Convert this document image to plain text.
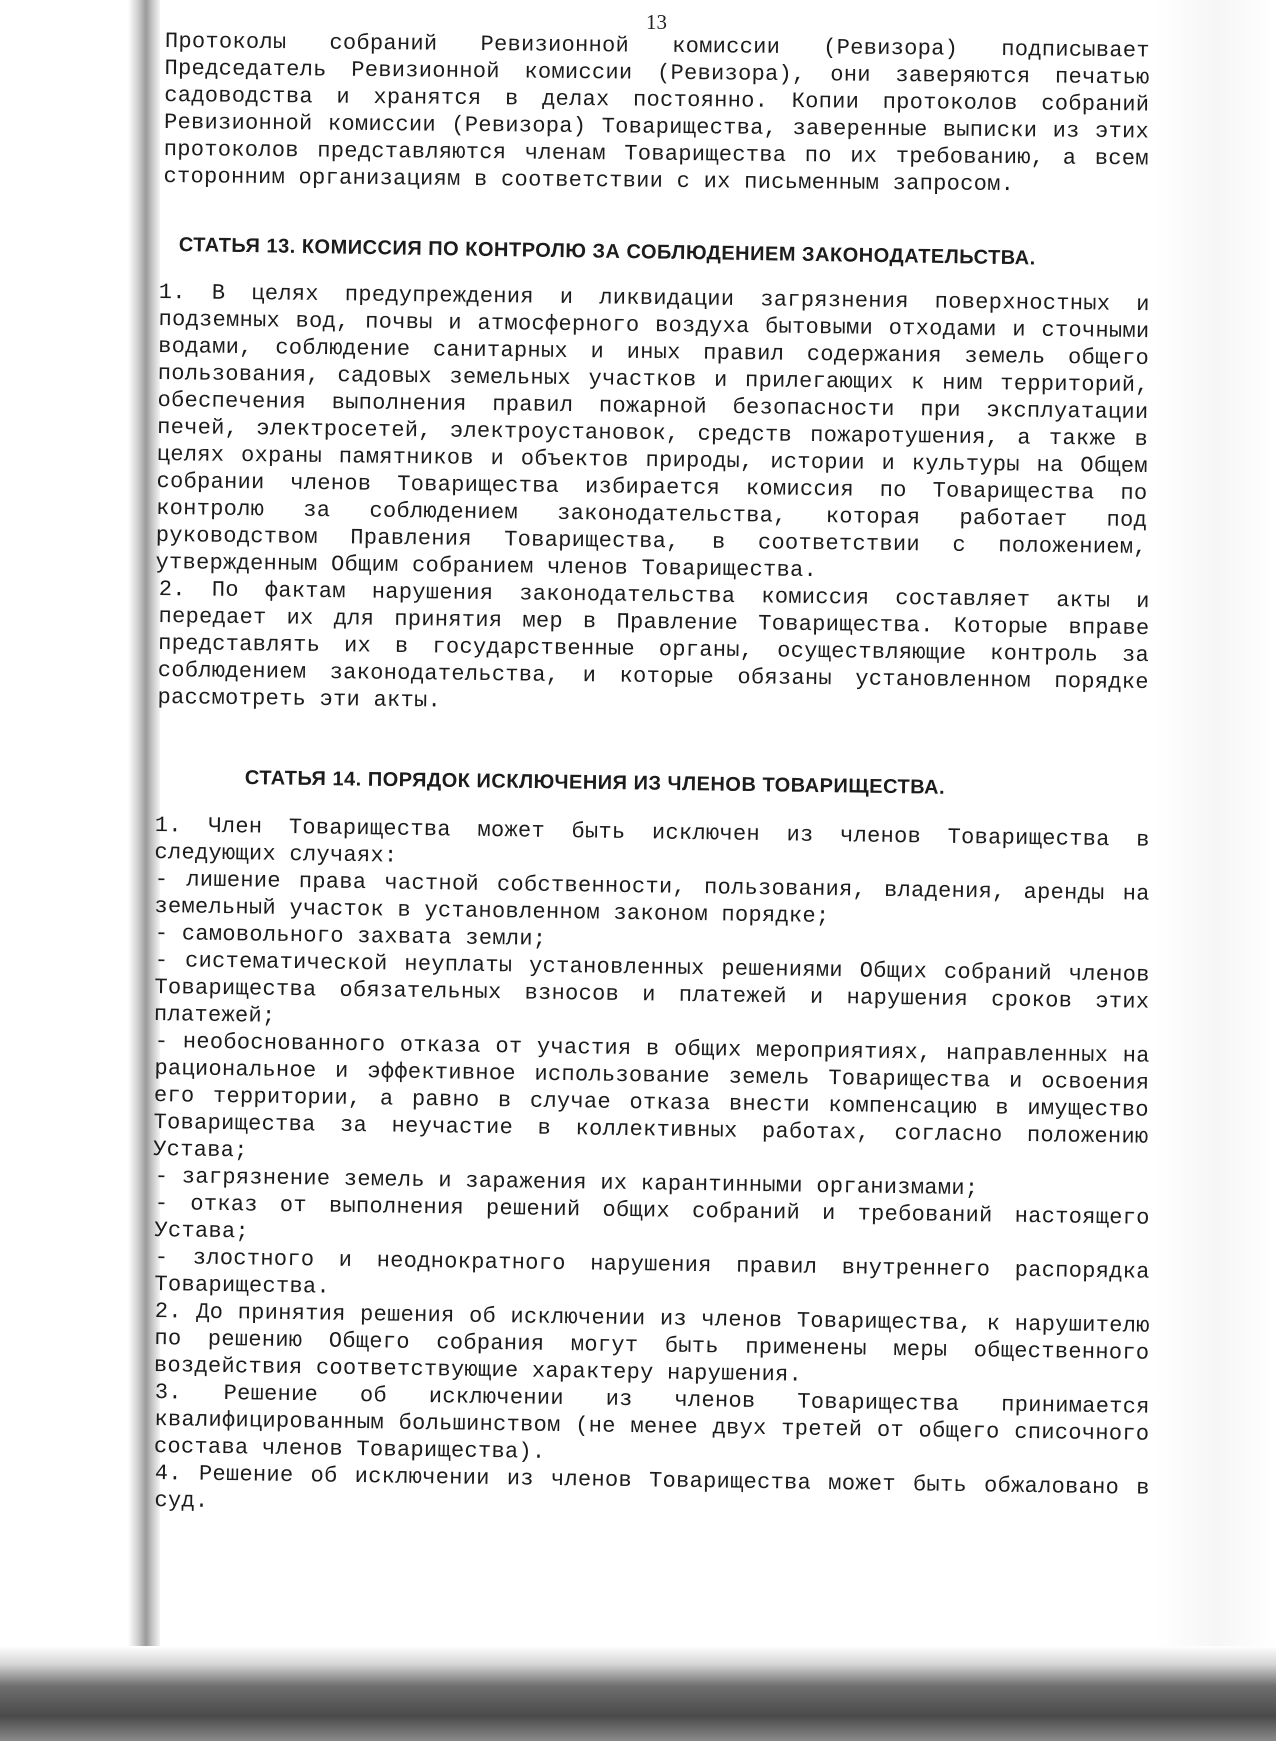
13

Протоколы собраний Ревизионной комиссии (Ревизора) подписывает Председатель Ревизионной комиссии (Ревизора), они заверяются печатью садоводства и хранятся в делах постоянно. Копии протоколов собраний Ревизионной комиссии (Ревизора) Товарищества, заверенные выписки из этих протоколов представляются членам Товарищества по их требованию, а всем сторонним организациям в соответствии с их письменным запросом.

СТАТЬЯ 13. КОМИССИЯ ПО КОНТРОЛЮ ЗА СОБЛЮДЕНИЕМ ЗАКОНОДАТЕЛЬСТВА.

1. В целях предупреждения и ликвидации загрязнения поверхностных и подземных вод, почвы и атмосферного воздуха бытовыми отходами и сточными водами, соблюдение санитарных и иных правил содержания земель общего пользования, садовых земельных участков и прилегающих к ним территорий, обеспечения выполнения правил пожарной безопасности при эксплуатации печей, электросетей, электроустановок, средств пожаротушения, а также в целях охраны памятников и объектов природы, истории и культуры на Общем собрании членов Товарищества избирается комиссия по Товарищества по контролю за соблюдением законодательства, которая работает под руководством Правления Товарищества, в соответствии с положением, утвержденным Общим собранием членов Товарищества.

2. По фактам нарушения законодательства комиссия составляет акты и передает их для принятия мер в Правление Товарищества. Которые вправе представлять их в государственные органы, осуществляющие контроль за соблюдением законодательства, и которые обязаны установленном порядке рассмотреть эти акты.

СТАТЬЯ 14. ПОРЯДОК ИСКЛЮЧЕНИЯ ИЗ ЧЛЕНОВ ТОВАРИЩЕСТВА.

1. Член Товарищества может быть исключен из членов Товарищества в следующих случаях:

- лишение права частной собственности, пользования, владения, аренды на земельный участок в установленном законом порядке;

- самовольного захвата земли;

- систематической неуплаты установленных решениями Общих собраний членов Товарищества обязательных взносов и платежей и нарушения сроков этих платежей;

- необоснованного отказа от участия в общих мероприятиях, направленных на рациональное и эффективное использование земель Товарищества и освоения его территории, а равно в случае отказа внести компенсацию в имущество Товарищества за неучастие в коллективных работах, согласно положению Устава;

- загрязнение земель и заражения их карантинными организмами;

- отказ от выполнения решений общих собраний и требований настоящего Устава;

- злостного и неоднократного нарушения правил внутреннего распорядка Товарищества.

2. До принятия решения об исключении из членов Товарищества, к нарушителю по решению Общего собрания могут быть применены меры общественного воздействия соответствующие характеру нарушения.

3. Решение об исключении из членов Товарищества принимается квалифицированным большинством (не менее двух третей от общего списочного состава членов Товарищества).

4. Решение об исключении из членов Товарищества может быть обжаловано в суд.
